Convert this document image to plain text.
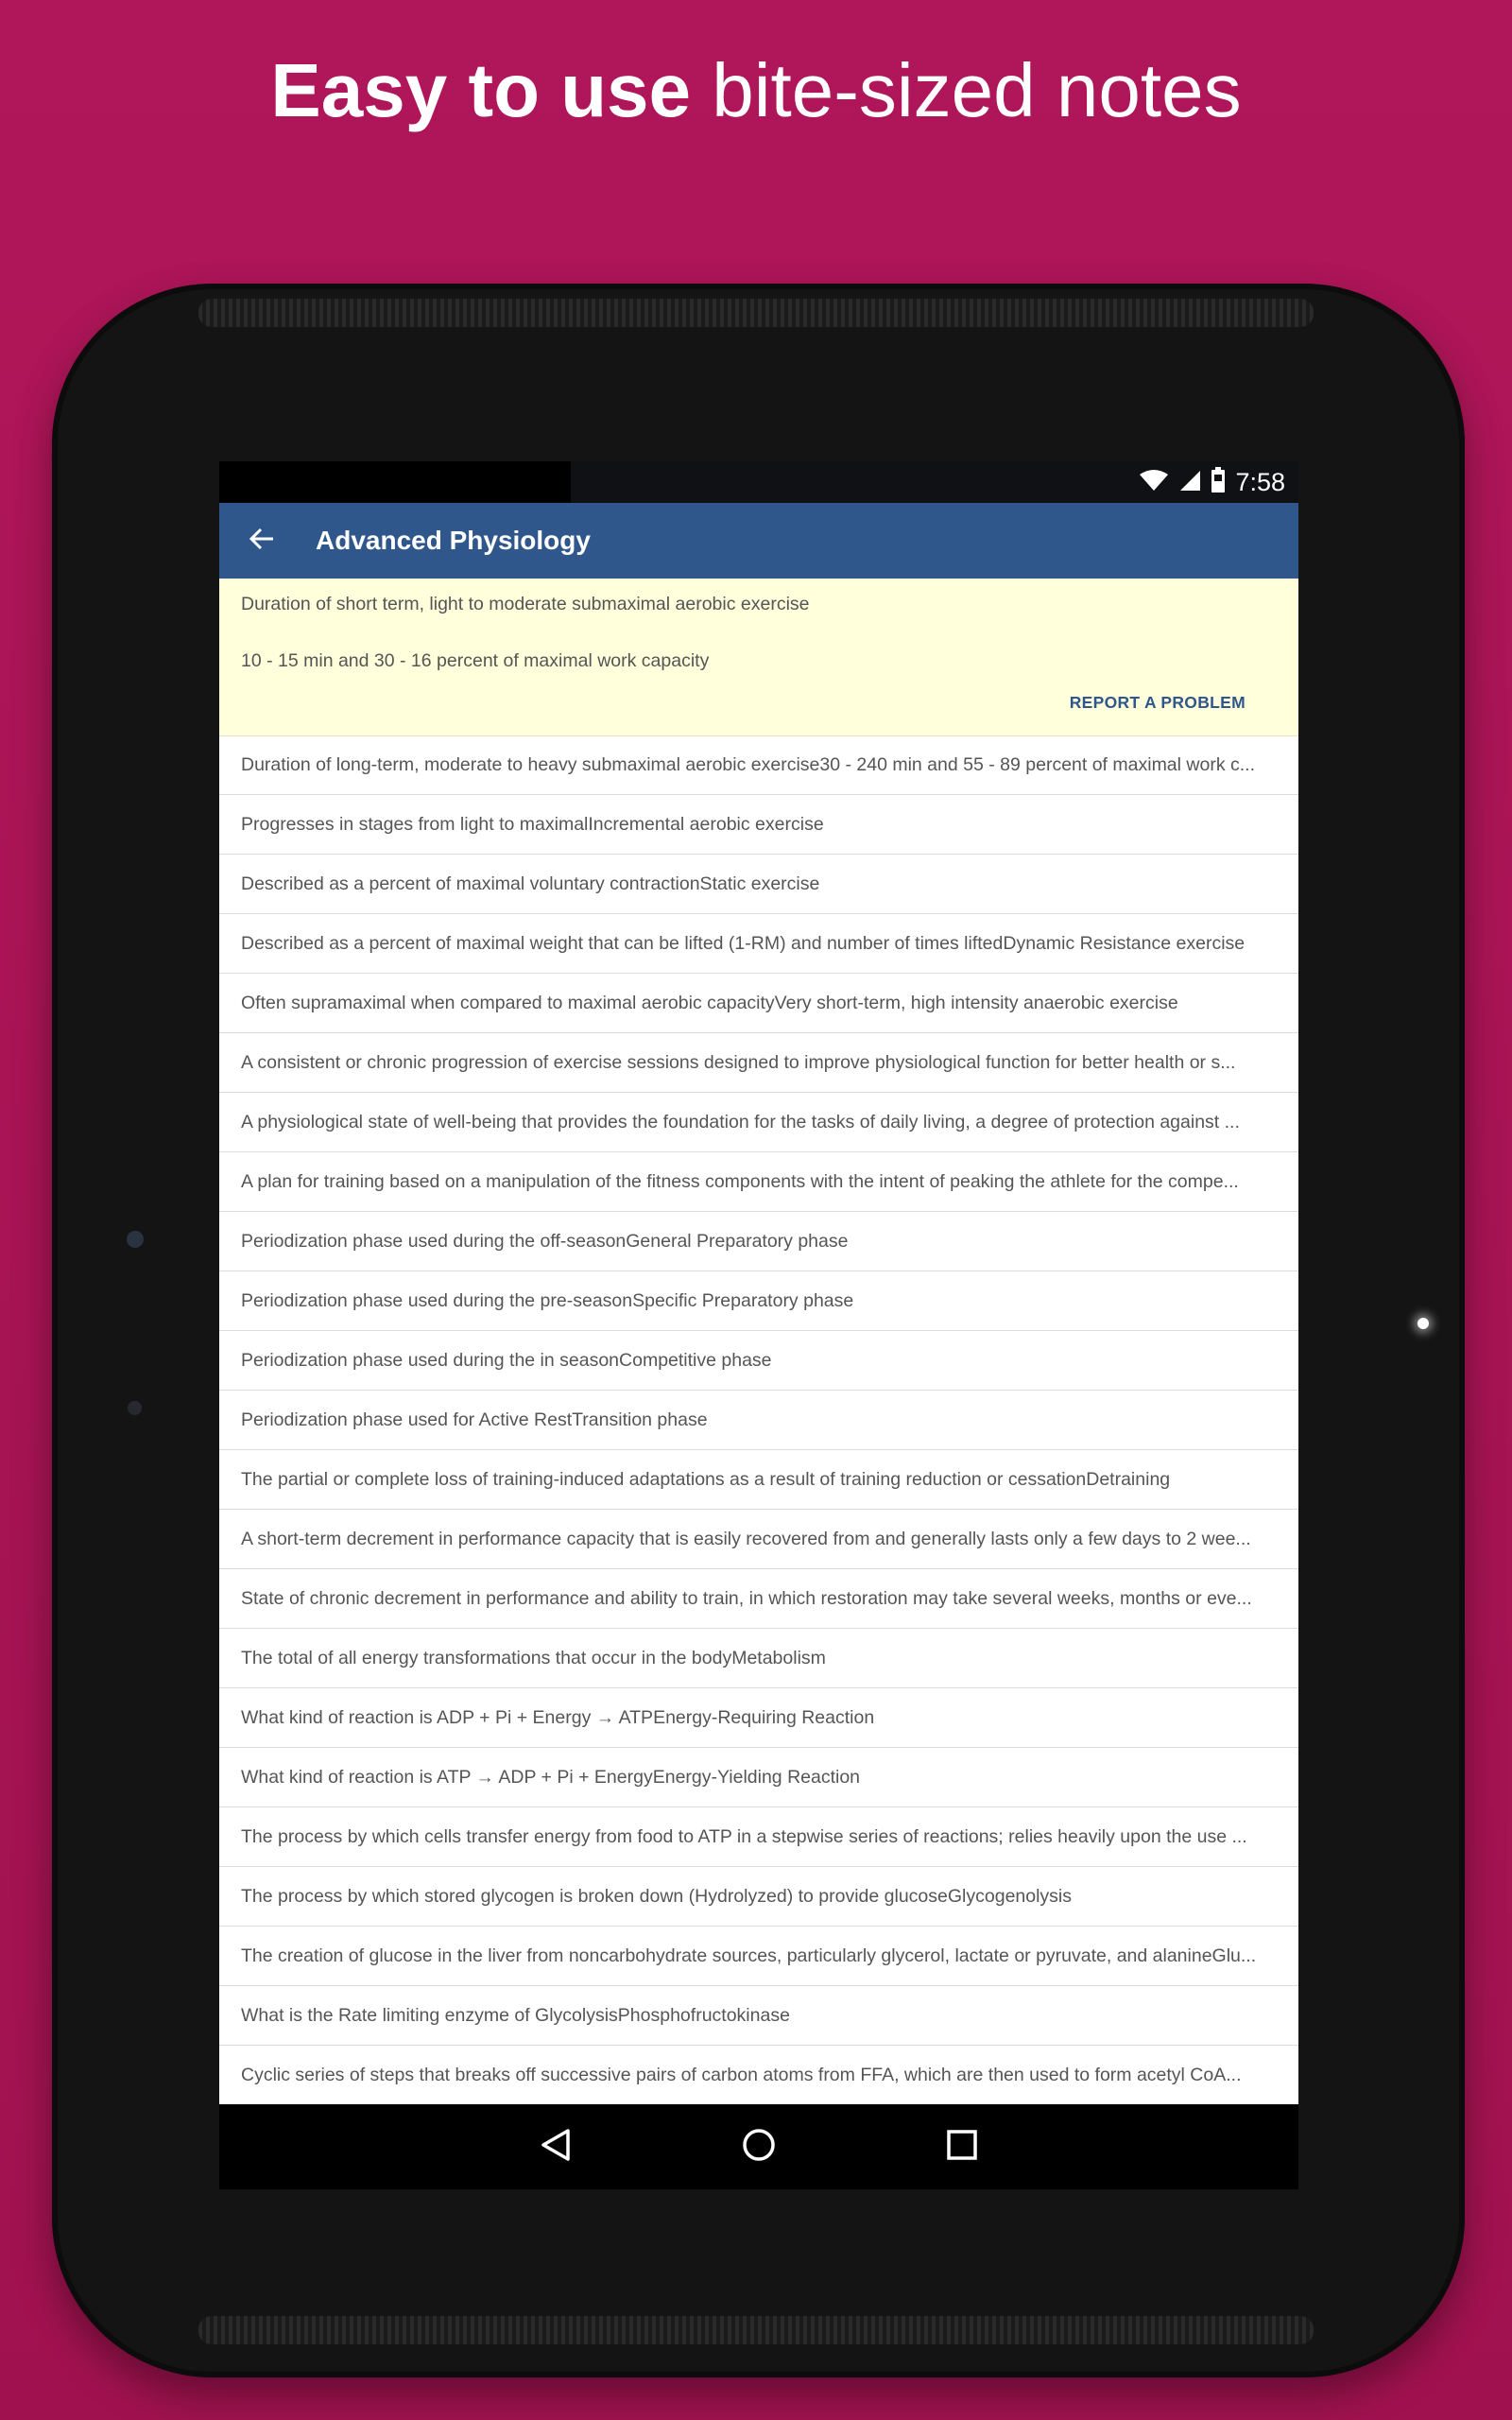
Easy to use bite-sized notes
7:58
Advanced Physiology
Duration of short term, light to moderate submaximal aerobic exercise
10 - 15 min and 30 - 16 percent of maximal work capacity
REPORT A PROBLEM
Duration of long-term, moderate to heavy submaximal aerobic exercise30 - 240 min and 55 - 89 percent of maximal work c...
Progresses in stages from light to maximalIncremental aerobic exercise
Described as a percent of maximal voluntary contractionStatic exercise
Described as a percent of maximal weight that can be lifted (1-RM) and number of times liftedDynamic Resistance exercise
Often supramaximal when compared to maximal aerobic capacityVery short-term, high intensity anaerobic exercise
A consistent or chronic progression of exercise sessions designed to improve physiological function for better health or s...
A physiological state of well-being that provides the foundation for the tasks of daily living, a degree of protection against ...
A plan for training based on a manipulation of the fitness components with the intent of peaking the athlete for the compe...
Periodization phase used during the off-seasonGeneral Preparatory phase
Periodization phase used during the pre-seasonSpecific Preparatory phase
Periodization phase used during the in seasonCompetitive phase
Periodization phase used for Active RestTransition phase
The partial or complete loss of training-induced adaptations as a result of training reduction or cessationDetraining
A short-term decrement in performance capacity that is easily recovered from and generally lasts only a few days to 2 wee...
State of chronic decrement in performance and ability to train, in which restoration may take several weeks, months or eve...
The total of all energy transformations that occur in the bodyMetabolism
What kind of reaction is ADP + Pi + Energy → ATPEnergy-Requiring Reaction
What kind of reaction is ATP → ADP + Pi + EnergyEnergy-Yielding Reaction
The process by which cells transfer energy from food to ATP in a stepwise series of reactions; relies heavily upon the use ...
The process by which stored glycogen is broken down (Hydrolyzed) to provide glucoseGlycogenolysis
The creation of glucose in the liver from noncarbohydrate sources, particularly glycerol, lactate or pyruvate, and alanineGlu...
What is the Rate limiting enzyme of GlycolysisPhosphofructokinase
Cyclic series of steps that breaks off successive pairs of carbon atoms from FFA, which are then used to form acetyl CoA...
